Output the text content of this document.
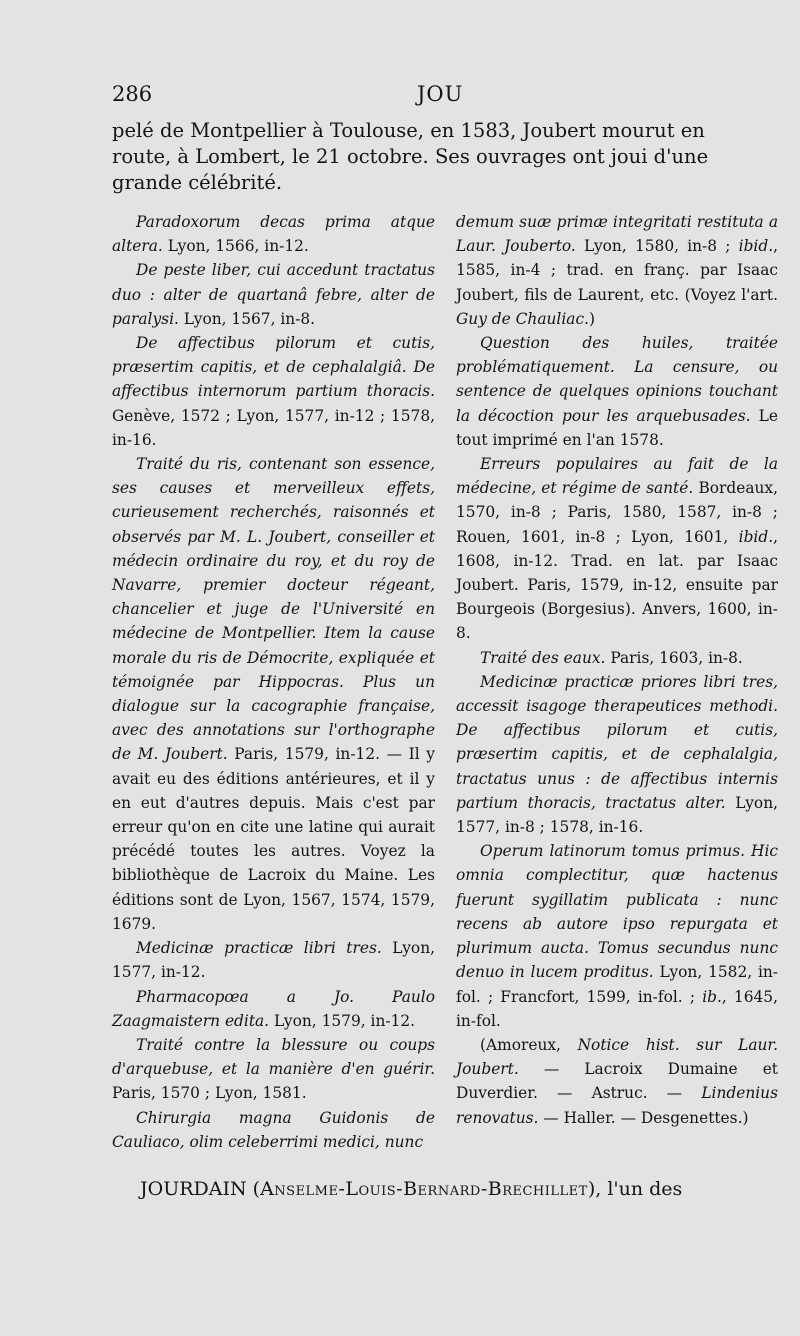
286	JOU

pelé de Montpellier à Toulouse, en 1583, Joubert mourut en route, à Lombert, le 21 octobre. Ses ouvrages ont joui d'une grande célébrité.

Paradoxorum decas prima atque altera. Lyon, 1566, in-12.

De peste liber, cui accedunt tractatus duo : alter de quartanâ febre, alter de paralysi. Lyon, 1567, in-8.

De affectibus pilorum et cutis, præsertim capitis, et de cephalalgiâ. De affectibus internorum partium thoracis. Genève, 1572 ; Lyon, 1577, in-12 ; 1578, in-16.

Traité du ris, contenant son essence, ses causes et merveilleux effets, curieusement recherchés, raisonnés et observés par M. L. Joubert, conseiller et médecin ordinaire du roy, et du roy de Navarre, premier docteur régeant, chancelier et juge de l'Université en médecine de Montpellier. Item la cause morale du ris de Démocrite, expliquée et témoignée par Hippocras. Plus un dialogue sur la cacographie française, avec des annotations sur l'orthographe de M. Joubert. Paris, 1579, in-12. — Il y avait eu des éditions antérieures, et il y en eut d'autres depuis. Mais c'est par erreur qu'on en cite une latine qui aurait précédé toutes les autres. Voyez la bibliothèque de Lacroix du Maine. Les éditions sont de Lyon, 1567, 1574, 1579, 1679.

Medicinæ practicæ libri tres. Lyon, 1577, in-12.

Pharmacopœa a Jo. Paulo Zaagmaistern edita. Lyon, 1579, in-12.

Traité contre la blessure ou coups d'arquebuse, et la manière d'en guérir. Paris, 1570 ; Lyon, 1581.

Chirurgia magna Guidonis de Cauliaco, olim celeberrimi medici, nunc

demum suæ primæ integritati restituta a Laur. Jouberto. Lyon, 1580, in-8 ; ibid., 1585, in-4 ; trad. en franç. par Isaac Joubert, fils de Laurent, etc. (Voyez l'art. Guy de Chauliac.)

Question des huiles, traitée problématiquement. La censure, ou sentence de quelques opinions touchant la décoction pour les arquebusades. Le tout imprimé en l'an 1578.

Erreurs populaires au fait de la médecine, et régime de santé. Bordeaux, 1570, in-8 ; Paris, 1580, 1587, in-8 ; Rouen, 1601, in-8 ; Lyon, 1601, ibid., 1608, in-12. Trad. en lat. par Isaac Joubert. Paris, 1579, in-12, ensuite par Bourgeois (Borgesius). Anvers, 1600, in-8.

Traité des eaux. Paris, 1603, in-8.

Medicinæ practicæ priores libri tres, accessit isagoge therapeutices methodi. De affectibus pilorum et cutis, præsertim capitis, et de cephalalgia, tractatus unus : de affectibus internis partium thoracis, tractatus alter. Lyon, 1577, in-8 ; 1578, in-16.

Operum latinorum tomus primus. Hic omnia complectitur, quæ hactenus fuerunt sygillatim publicata : nunc recens ab autore ipso repurgata et plurimum aucta. Tomus secundus nunc denuo in lucem proditus. Lyon, 1582, in-fol. ; Francfort, 1599, in-fol. ; ib., 1645, in-fol.

(Amoreux, Notice hist. sur Laur. Joubert. — Lacroix Dumaine et Duverdier. — Astruc. — Lindenius renovatus. — Haller. — Desgenettes.)

JOURDAIN (Anselme-Louis-Bernard-Brechillet), l'un des
